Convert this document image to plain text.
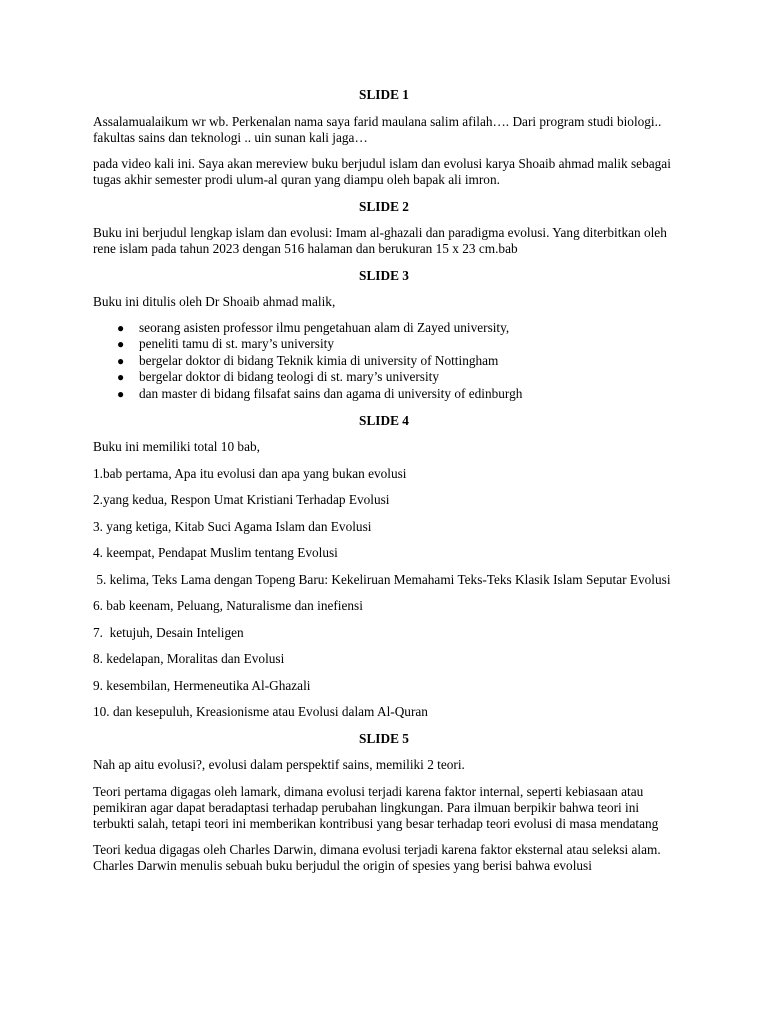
SLIDE 1

Assalamualaikum wr wb. Perkenalan nama saya farid maulana salim afilah…. Dari program studi biologi.. fakultas sains dan teknologi .. uin sunan kali jaga…

pada video kali ini. Saya akan mereview buku berjudul islam dan evolusi karya Shoaib ahmad malik sebagai tugas akhir semester prodi ulum-al quran yang diampu oleh bapak ali imron.

SLIDE 2

Buku ini berjudul lengkap islam dan evolusi: Imam al-ghazali dan paradigma evolusi. Yang diterbitkan oleh rene islam pada tahun 2023 dengan 516 halaman dan berukuran 15 x 23 cm.bab

SLIDE 3

Buku ini ditulis oleh Dr Shoaib ahmad malik,

● seorang asisten professor ilmu pengetahuan alam di Zayed university,
● peneliti tamu di st. mary’s university
● bergelar doktor di bidang Teknik kimia di university of Nottingham
● bergelar doktor di bidang teologi di st. mary’s university
● dan master di bidang filsafat sains dan agama di university of edinburgh
SLIDE 4

Buku ini memiliki total 10 bab,

1.bab pertama, Apa itu evolusi dan apa yang bukan evolusi

2.yang kedua, Respon Umat Kristiani Terhadap Evolusi

3. yang ketiga, Kitab Suci Agama Islam dan Evolusi

4. keempat, Pendapat Muslim tentang Evolusi

5. kelima, Teks Lama dengan Topeng Baru: Kekeliruan Memahami Teks-Teks Klasik Islam Seputar Evolusi

6. bab keenam, Peluang, Naturalisme dan inefiensi

7.  ketujuh, Desain Inteligen

8. kedelapan, Moralitas dan Evolusi

9. kesembilan, Hermeneutika Al-Ghazali

10. dan kesepuluh, Kreasionisme atau Evolusi dalam Al-Quran

SLIDE 5

Nah ap aitu evolusi?, evolusi dalam perspektif sains, memiliki 2 teori.

Teori pertama digagas oleh lamark, dimana evolusi terjadi karena faktor internal, seperti kebiasaan atau pemikiran agar dapat beradaptasi terhadap perubahan lingkungan. Para ilmuan berpikir bahwa teori ini terbukti salah, tetapi teori ini memberikan kontribusi yang besar terhadap teori evolusi di masa mendatang

Teori kedua digagas oleh Charles Darwin, dimana evolusi terjadi karena faktor eksternal atau seleksi alam. Charles Darwin menulis sebuah buku berjudul the origin of spesies yang berisi bahwa evolusi
